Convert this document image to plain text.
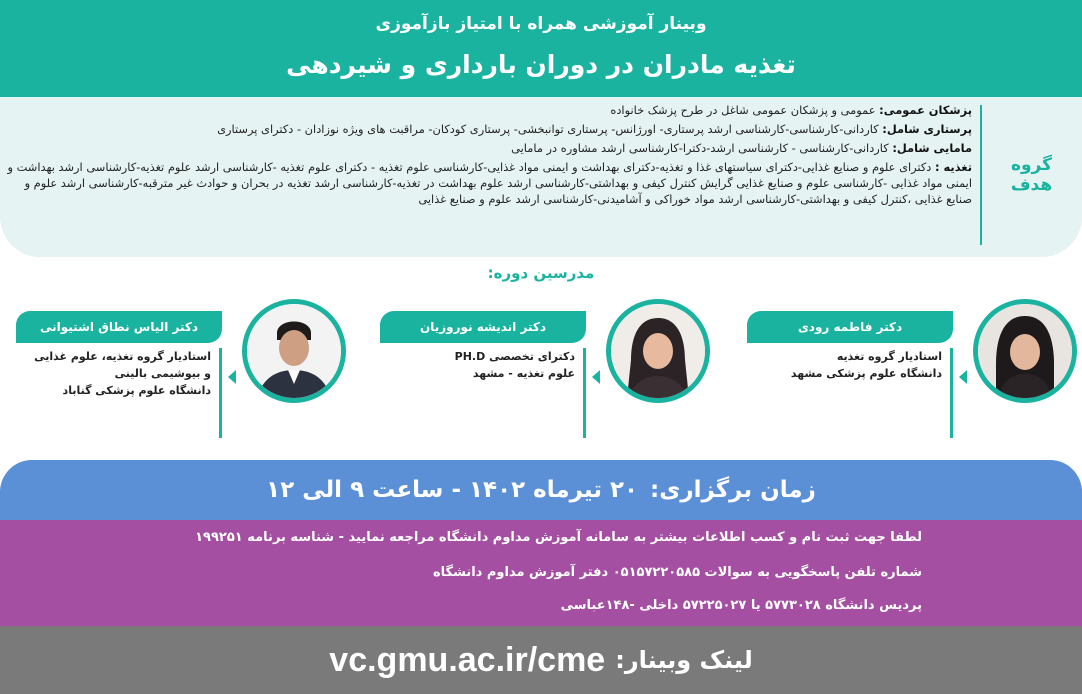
وبینار آموزشی همراه با امتیاز بازآموزی
تغذیه مادران در دوران بارداری و شیردهی
گروه هدف
پزشکان عمومی: عمومی و پزشکان عمومی شاغل در طرح پزشک خانواده
پرستاری شامل: کاردانی-کارشناسی-کارشناسی ارشد پرستاری- اورژانس- پرستاری توانبخشی- پرستاری کودکان- مراقبت های ویژه نوزادان - دکترای پرستاری
مامایی شامل: کاردانی-کارشناسی - کارشناسی ارشد-دکترا-کارشناسی ارشد مشاوره در مامایی
تغذیه : دکترای علوم و صنایع غذایی-دکترای سیاستهای غذا و تغذیه-دکترای بهداشت و ایمنی مواد غذایی-کارشناسی علوم تغذیه - دکترای علوم تغذیه -کارشناسی ارشد علوم تغذیه-کارشناسی ارشد بهداشت و ایمنی مواد غذایی -کارشناسی علوم و صنایع غذایی گرایش کنترل کیفی و بهداشتی-کارشناسی ارشد علوم بهداشت در تغذیه-کارشناسی ارشد تغذیه در بحران و حوادث غیر مترقبه-کارشناسی ارشد علوم و صنایع غذایی ،کنترل کیفی و بهداشتی-کارشناسی ارشد مواد خوراکی و آشامیدنی-کارشناسی ارشد علوم و صنایع غذایی
مدرسین دوره:
دکتر فاطمه رودی
استادیار گروه تغذیه
دانشگاه علوم پزشکی مشهد
دکتر اندیشه نوروزیان
دکترای تخصصی PH.D
علوم تغذیه - مشهد
دکتر الیاس نطاق اشتیوانی
استادیار گروه تغذیه، علوم غذایی
و بیوشیمی بالینی
دانشگاه علوم پزشکی گناباد
زمان برگزاری:
۲۰ تیرماه ۱۴۰۲ - ساعت ۹ الی ۱۲
لطفا جهت ثبت نام و کسب اطلاعات بیشتر به سامانه آموزش مداوم دانشگاه مراجعه نمایید - شناسه برنامه ۱۹۹۲۵۱
شماره تلفن پاسخگویی به سوالات ۰۵۱۵۷۲۲۰۵۸۵ دفتر آموزش مداوم دانشگاه
پردیس دانشگاه ۵۷۷۳۰۲۸ یا ۵۷۲۲۵۰۲۷ داخلی -۱۴۸عباسی
لینک وبینار:
vc.gmu.ac.ir/cme
